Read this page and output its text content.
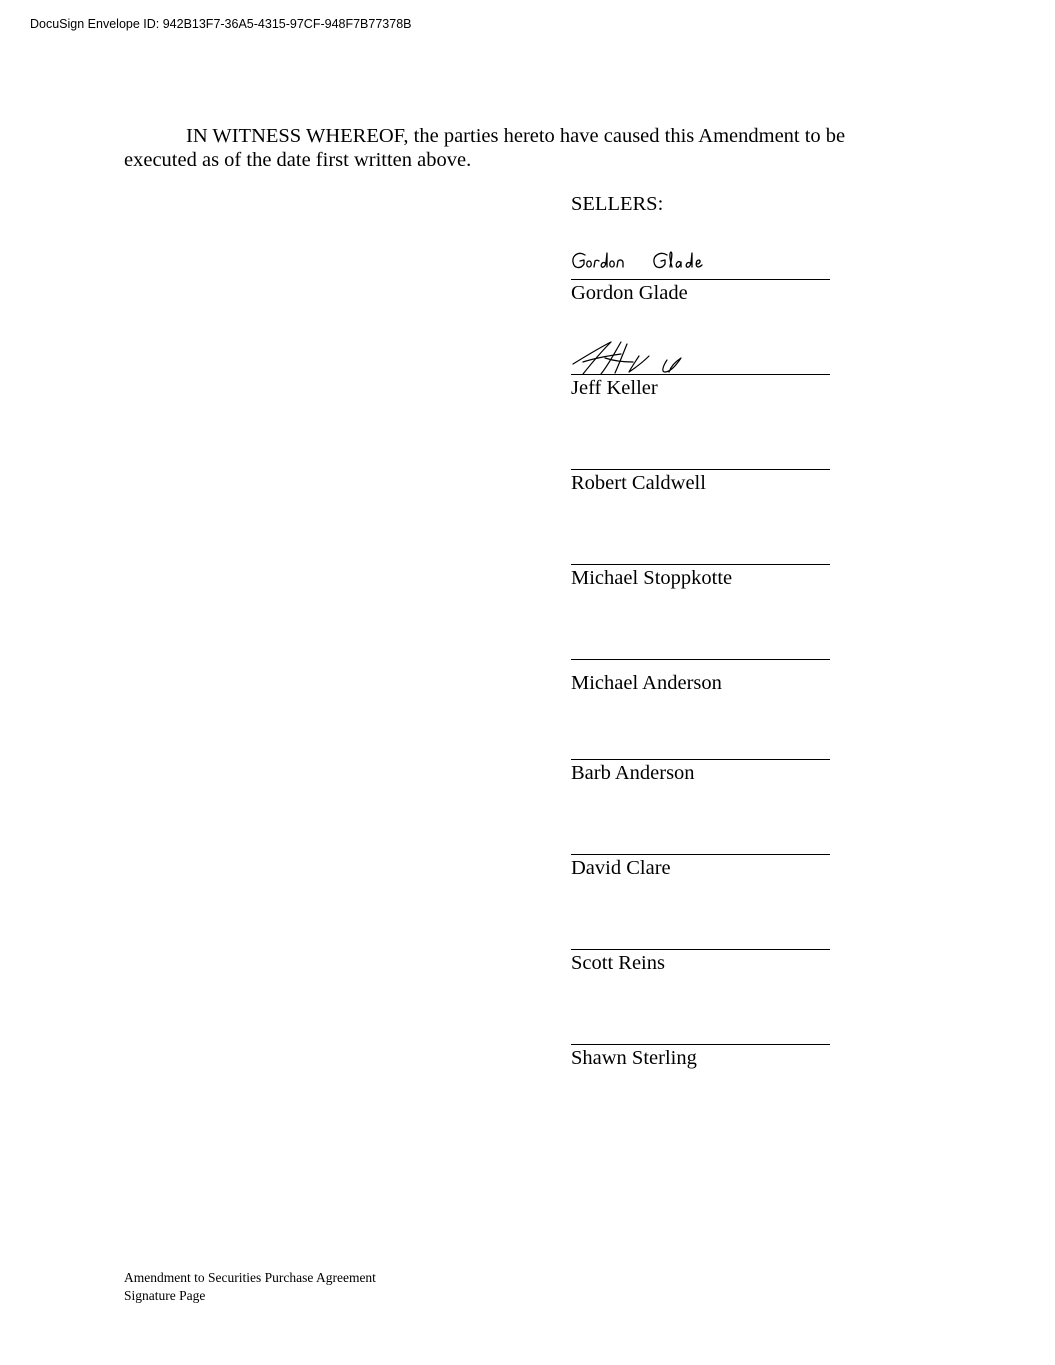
DocuSign Envelope ID: 942B13F7-36A5-4315-97CF-948F7B77378B
IN WITNESS WHEREOF, the parties hereto have caused this Amendment to be executed as of the date first written above.
SELLERS:
Gordon Glade
Jeff Keller
Robert Caldwell
Michael Stoppkotte
Michael Anderson
Barb Anderson
David Clare
Scott Reins
Shawn Sterling
Amendment to Securities Purchase Agreement
Signature Page
